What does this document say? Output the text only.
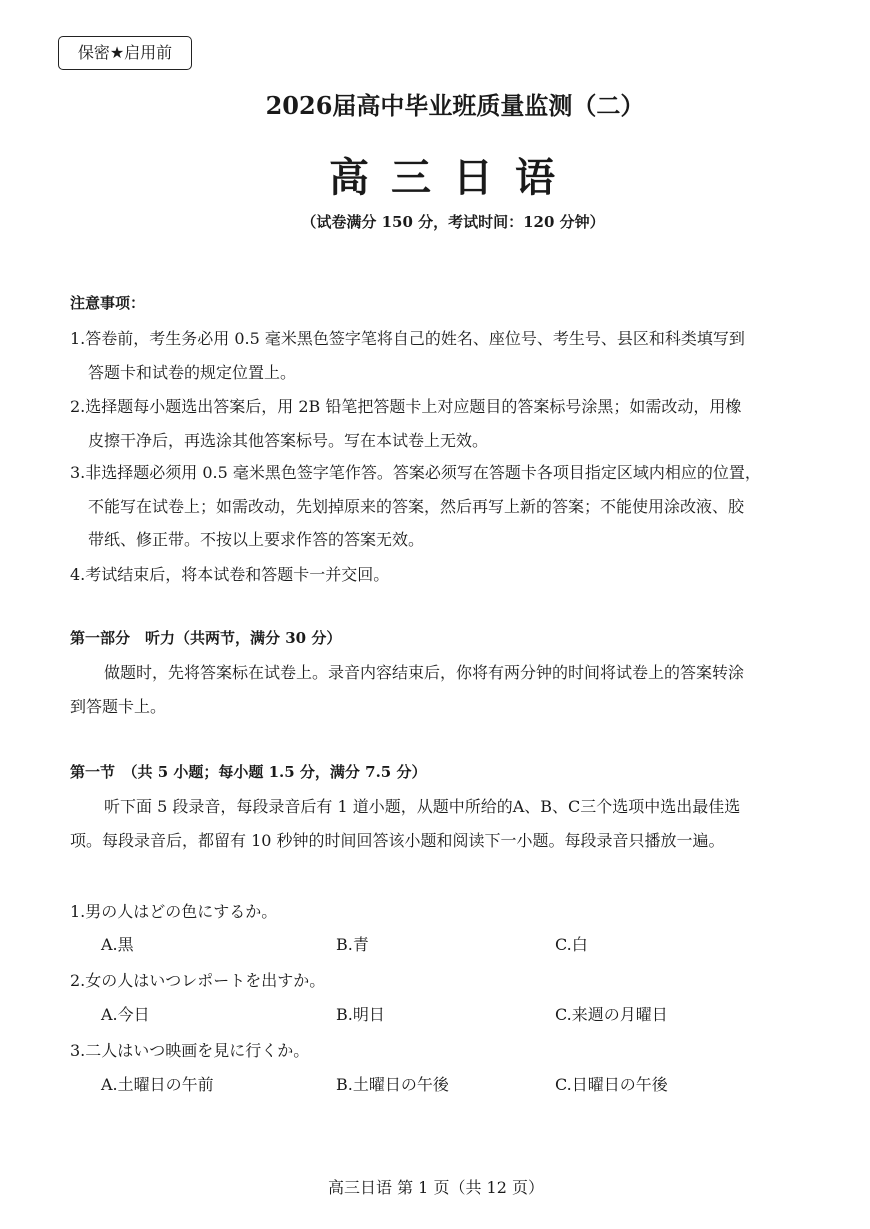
保密★启用前
2026届高中毕业班质量监测（二）
高三日语
（试卷满分 150 分，考试时间：120 分钟）
注意事项：
1.答卷前，考生务必用 0.5 毫米黑色签字笔将自己的姓名、座位号、考生号、县区和科类填写到
答题卡和试卷的规定位置上。
2.选择题每小题选出答案后，用 2B 铅笔把答题卡上对应题目的答案标号涂黑；如需改动，用橡
皮擦干净后，再选涂其他答案标号。写在本试卷上无效。
3.非选择题必须用 0.5 毫米黑色签字笔作答。答案必须写在答题卡各项目指定区域内相应的位置，
不能写在试卷上；如需改动，先划掉原来的答案，然后再写上新的答案；不能使用涂改液、胶
带纸、修正带。不按以上要求作答的答案无效。
4.考试结束后，将本试卷和答题卡一并交回。
第一部分　听力（共两节，满分 30 分）
做题时，先将答案标在试卷上。录音内容结束后，你将有两分钟的时间将试卷上的答案转涂
到答题卡上。
第一节　（共 5 小题；每小题 1.5 分，满分 7.5 分）
听下面 5 段录音，每段录音后有 1 道小题，从题中所给的A、B、C三个选项中选出最佳选
项。每段录音后，都留有 10 秒钟的时间回答该小题和阅读下一小题。每段录音只播放一遍。
1.男の人はどの色にするか。
A.黒	B.青	C.白
2.女の人はいつレポートを出すか。
A.今日	B.明日	C.来週の月曜日
3.二人はいつ映画を見に行くか。
A.土曜日の午前	B.土曜日の午後	C.日曜日の午後
高三日语 第 1 页（共 12 页）
